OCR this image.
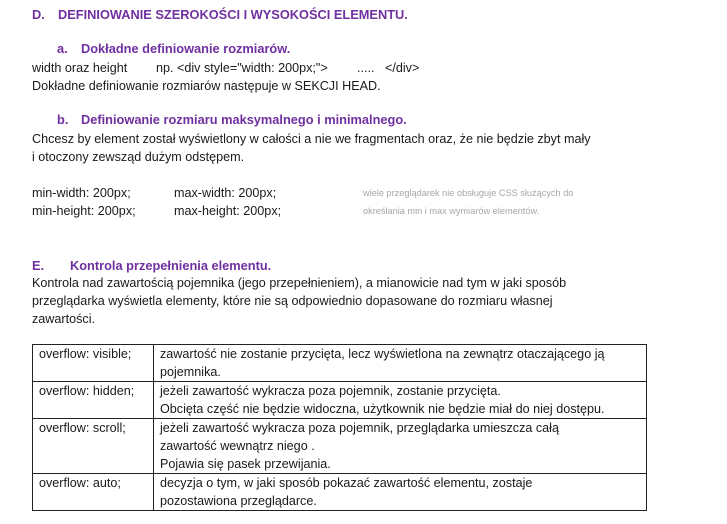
D. DEFINIOWANIE SZEROKOŚCI I WYSOKOŚCI ELEMENTU.
a. Dokładne definiowanie rozmiarów.
width oraz height np. <div style="width: 200px;"> ..... </div>
Dokładne definiowanie rozmiarów następuje w SEKCJI HEAD.
b. Definiowanie rozmiaru maksymalnego i minimalnego.
Chcesz by element został wyświetlony w całości a nie we fragmentach oraz, że nie będzie zbyt mały
i otoczony zewsząd dużym odstępem.
min-width: 200px;	max-width: 200px;
min-height: 200px;	max-height: 200px;
wiele przeglądarek nie obsługuje CSS służących do
określania min i max wymiarów elementów.
E. Kontrola przepełnienia elementu.
Kontrola nad zawartością pojemnika (jego przepełnieniem), a mianowicie nad tym w jaki sposób
przeglądarka wyświetla elementy, które nie są odpowiednio dopasowane do rozmiaru własnej
zawartości.
overflow: visible;	zawartość nie zostanie przycięta, lecz wyświetlona na zewnątrz otaczającego ją
pojemnika.

overflow: hidden;	jeżeli zawartość wykracza poza pojemnik, zostanie przycięta.
Obcięta część nie będzie widoczna, użytkownik nie będzie miał do niej dostępu.

overflow: scroll;	jeżeli zawartość wykracza poza pojemnik, przeglądarka umieszcza całą
zawartość wewnątrz niego .
Pojawia się pasek przewijania.

overflow: auto;	decyzja o tym, w jaki sposób pokazać zawartość elementu, zostaje
pozostawiona przeglądarce.
